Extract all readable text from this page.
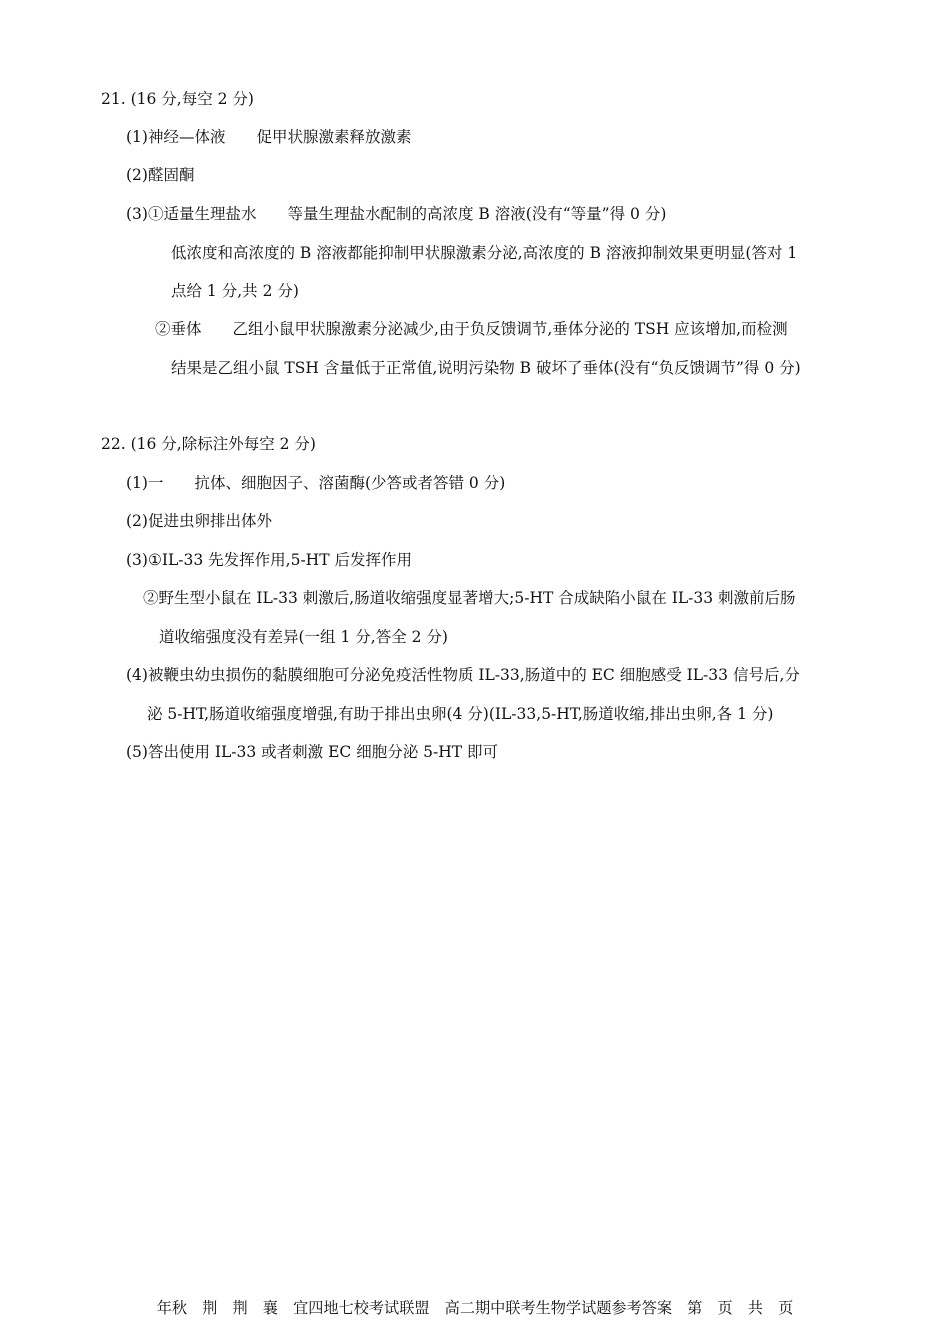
21. (16 分,每空 2 分)
(1)神经—体液　　促甲状腺激素释放激素
(2)醛固酮
(3)①适量生理盐水　　等量生理盐水配制的高浓度 B 溶液(没有“等量”得 0 分)
低浓度和高浓度的 B 溶液都能抑制甲状腺激素分泌,高浓度的 B 溶液抑制效果更明显(答对 1
点给 1 分,共 2 分)
②垂体　　乙组小鼠甲状腺激素分泌减少,由于负反馈调节,垂体分泌的 TSH 应该增加,而检测
结果是乙组小鼠 TSH 含量低于正常值,说明污染物 B 破坏了垂体(没有“负反馈调节”得 0 分)
22. (16 分,除标注外每空 2 分)
(1)一　　抗体、细胞因子、溶菌酶(少答或者答错 0 分)
(2)促进虫卵排出体外
(3)①IL-33 先发挥作用,5-HT 后发挥作用
②野生型小鼠在 IL-33 刺激后,肠道收缩强度显著增大;5-HT 合成缺陷小鼠在 IL-33 刺激前后肠
道收缩强度没有差异(一组 1 分,答全 2 分)
(4)被鞭虫幼虫损伤的黏膜细胞可分泌免疫活性物质 IL-33,肠道中的 EC 细胞感受 IL-33 信号后,分
泌 5-HT,肠道收缩强度增强,有助于排出虫卵(4 分)(IL-33,5-HT,肠道收缩,排出虫卵,各 1 分)
(5)答出使用 IL-33 或者刺激 EC 细胞分泌 5-HT 即可
年秋　荆　荆　襄　宜四地七校考试联盟　高二期中联考生物学试题参考答案　第　页　共　页
